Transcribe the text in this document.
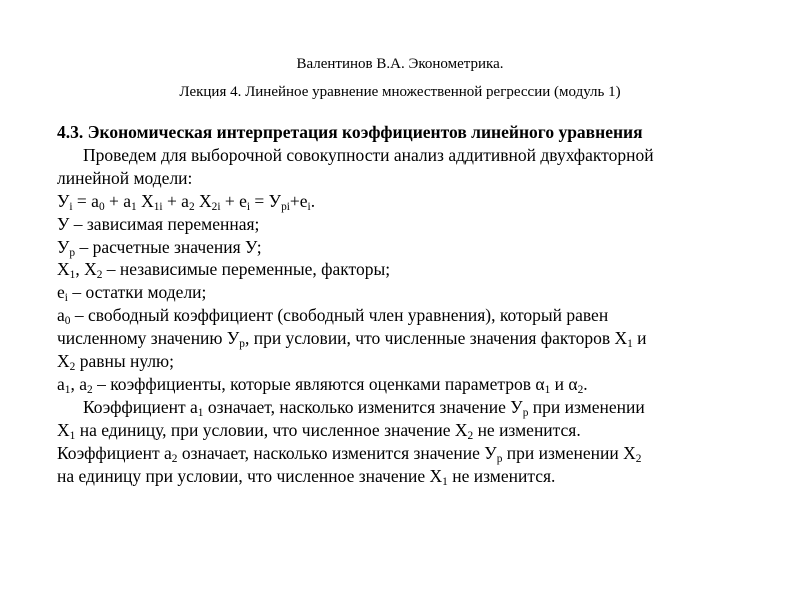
Валентинов В.А. Эконометрика.
Лекция 4. Линейное уравнение множественной регрессии (модуль 1)
4.3. Экономическая интерпретация коэффициентов линейного уравнения
Проведем для выборочной совокупности анализ аддитивной двухфакторной
линейной модели:
$У_i = а_0 + а_1$ $X_{1i} + а_2$ $X_{2i} + е_i = У_{pi}+е_i$.
У – зависимая переменная;
$У_р$ – расчетные значения У;
$X_1$, $X_2$ – независимые переменные, факторы;
$е_i$ – остатки модели;
$а_0$ – свободный коэффициент (свободный член уравнения), который равен
численному значению $У_р$, при условии, что численные значения факторов $X_1$ и
$X_2$ равны нулю;
$а_1$, $а_2$ – коэффициенты, которые являются оценками параметров $\alpha_1$ и $\alpha_2$.
Коэффициент $а_1$ означает, насколько изменится значение $У_р$ при изменении
$X_1$ на единицу, при условии, что численное значение $X_2$ не изменится.
Коэффициент $а_2$ означает, насколько изменится значение $У_р$ при изменении $X_2$
на единицу при условии, что численное значение $X_1$ не изменится.
